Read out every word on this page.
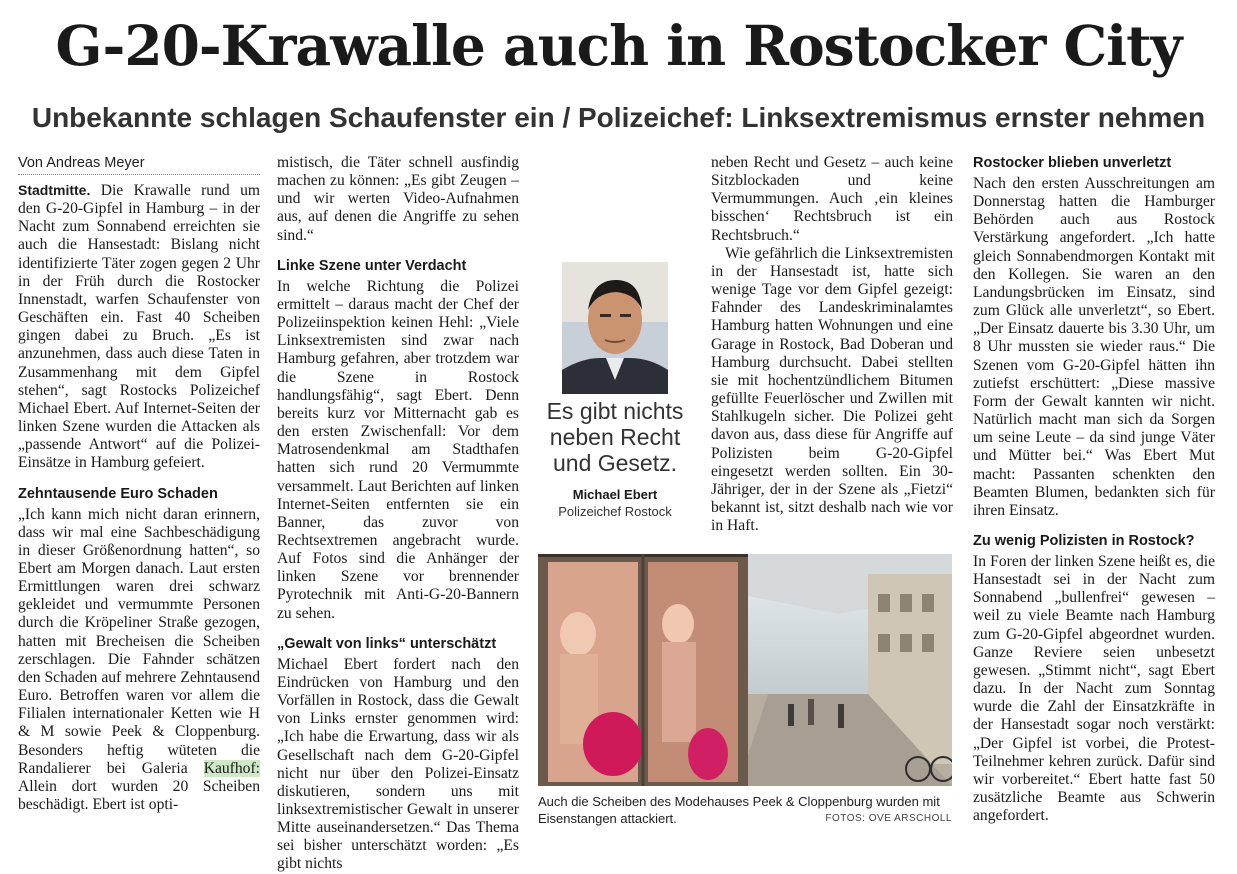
G-20-Krawalle auch in Rostocker City
Unbekannte schlagen Schaufenster ein / Polizeichef: Linksextremismus ernster nehmen
Von Andreas Meyer

Stadtmitte. Die Krawalle rund um den G-20-Gipfel in Hamburg – in der Nacht zum Sonnabend erreichten sie auch die Hansestadt: Bislang nicht identifizierte Täter zogen gegen 2 Uhr in der Früh durch die Rostocker Innenstadt, warfen Schaufenster von Geschäften ein. Fast 40 Scheiben gingen dabei zu Bruch. „Es ist anzunehmen, dass auch diese Taten in Zusammenhang mit dem Gipfel stehen“, sagt Rostocks Polizeichef Michael Ebert. Auf Internet-Seiten der linken Szene wurden die Attacken als „passende Antwort“ auf die Polizei-Einsätze in Hamburg gefeiert.

Zehntausende Euro Schaden

„Ich kann mich nicht daran erinnern, dass wir mal eine Sachbeschädigung in dieser Größenordnung hatten“, so Ebert am Morgen danach. Laut ersten Ermittlungen waren drei schwarz gekleidet und vermummte Personen durch die Kröpeliner Straße gezogen, hatten mit Brecheisen die Scheiben zerschlagen. Die Fahnder schätzen den Schaden auf mehrere Zehntausend Euro. Betroffen waren vor allem die Filialen internationaler Ketten wie H & M sowie Peek & Cloppenburg. Besonders heftig wüteten die Randalierer bei Galeria Kaufhof: Allein dort wurden 20 Scheiben beschädigt. Ebert ist opti-

mistisch, die Täter schnell ausfindig machen zu können: „Es gibt Zeugen – und wir werten Video-Aufnahmen aus, auf denen die Angriffe zu sehen sind.“

Linke Szene unter Verdacht

In welche Richtung die Polizei ermittelt – daraus macht der Chef der Polizeiinspektion keinen Hehl: „Viele Linksextremisten sind zwar nach Hamburg gefahren, aber trotzdem war die Szene in Rostock handlungsfähig“, sagt Ebert. Denn bereits kurz vor Mitternacht gab es den ersten Zwischenfall: Vor dem Matrosendenkmal am Stadthafen hatten sich rund 20 Vermummte versammelt. Laut Berichten auf linken Internet-Seiten entfernten sie ein Banner, das zuvor von Rechtsextremen angebracht wurde. Auf Fotos sind die Anhänger der linken Szene vor brennender Pyrotechnik mit Anti-G-20-Bannern zu sehen.

„Gewalt von links“ unterschätzt

Michael Ebert fordert nach den Eindrücken von Hamburg und den Vorfällen in Rostock, dass die Gewalt von Links ernster genommen wird: „Ich habe die Erwartung, dass wir als Gesellschaft nach dem G-20-Gipfel nicht nur über den Polizei-Einsatz diskutieren, sondern uns mit linksextremistischer Gewalt in unserer Mitte auseinandersetzen.“ Das Thema sei bisher unterschätzt worden: „Es gibt nichts

Es gibt nichts neben Recht und Gesetz.
Michael Ebert
Polizeichef Rostock

neben Recht und Gesetz – auch keine Sitzblockaden und keine Vermummungen. Auch ‚ein kleines bisschen‘ Rechtsbruch ist ein Rechtsbruch.“

Wie gefährlich die Linksextremisten in der Hansestadt ist, hatte sich wenige Tage vor dem Gipfel gezeigt: Fahnder des Landeskriminalamtes Hamburg hatten Wohnungen und eine Garage in Rostock, Bad Doberan und Hamburg durchsucht. Dabei stellten sie mit hochentzündlichem Bitumen gefüllte Feuerlöscher und Zwillen mit Stahlkugeln sicher. Die Polizei geht davon aus, dass diese für Angriffe auf Polizisten beim G-20-Gipfel eingesetzt werden sollten. Ein 30-Jähriger, der in der Szene als „Fietzi“ bekannt ist, sitzt deshalb nach wie vor in Haft.

Rostocker blieben unverletzt

Nach den ersten Ausschreitungen am Donnerstag hatten die Hamburger Behörden auch aus Rostock Verstärkung angefordert. „Ich hatte gleich Sonnabendmorgen Kontakt mit den Kollegen. Sie waren an den Landungsbrücken im Einsatz, sind zum Glück alle unverletzt“, so Ebert. „Der Einsatz dauerte bis 3.30 Uhr, um 8 Uhr mussten sie wieder raus.“ Die Szenen vom G-20-Gipfel hätten ihn zutiefst erschüttert: „Diese massive Form der Gewalt kannten wir nicht. Natürlich macht man sich da Sorgen um seine Leute – da sind junge Väter und Mütter bei.“ Was Ebert Mut macht: Passanten schenkten den Beamten Blumen, bedankten sich für ihren Einsatz.

Zu wenig Polizisten in Rostock?

In Foren der linken Szene heißt es, die Hansestadt sei in der Nacht zum Sonnabend „bullenfrei“ gewesen – weil zu viele Beamte nach Hamburg zum G-20-Gipfel abgeordnet wurden. Ganze Reviere seien unbesetzt gewesen. „Stimmt nicht“, sagt Ebert dazu. In der Nacht zum Sonntag wurde die Zahl der Einsatzkräfte in der Hansestadt sogar noch verstärkt: „Der Gipfel ist vorbei, die Protest-Teilnehmer kehren zurück. Dafür sind wir vorbereitet.“ Ebert hatte fast 50 zusätzliche Beamte aus Schwerin angefordert.

Auch die Scheiben des Modehauses Peek & Cloppenburg wurden mit Eisenstangen attackiert.	FOTOS: OVE ARSCHOLL
